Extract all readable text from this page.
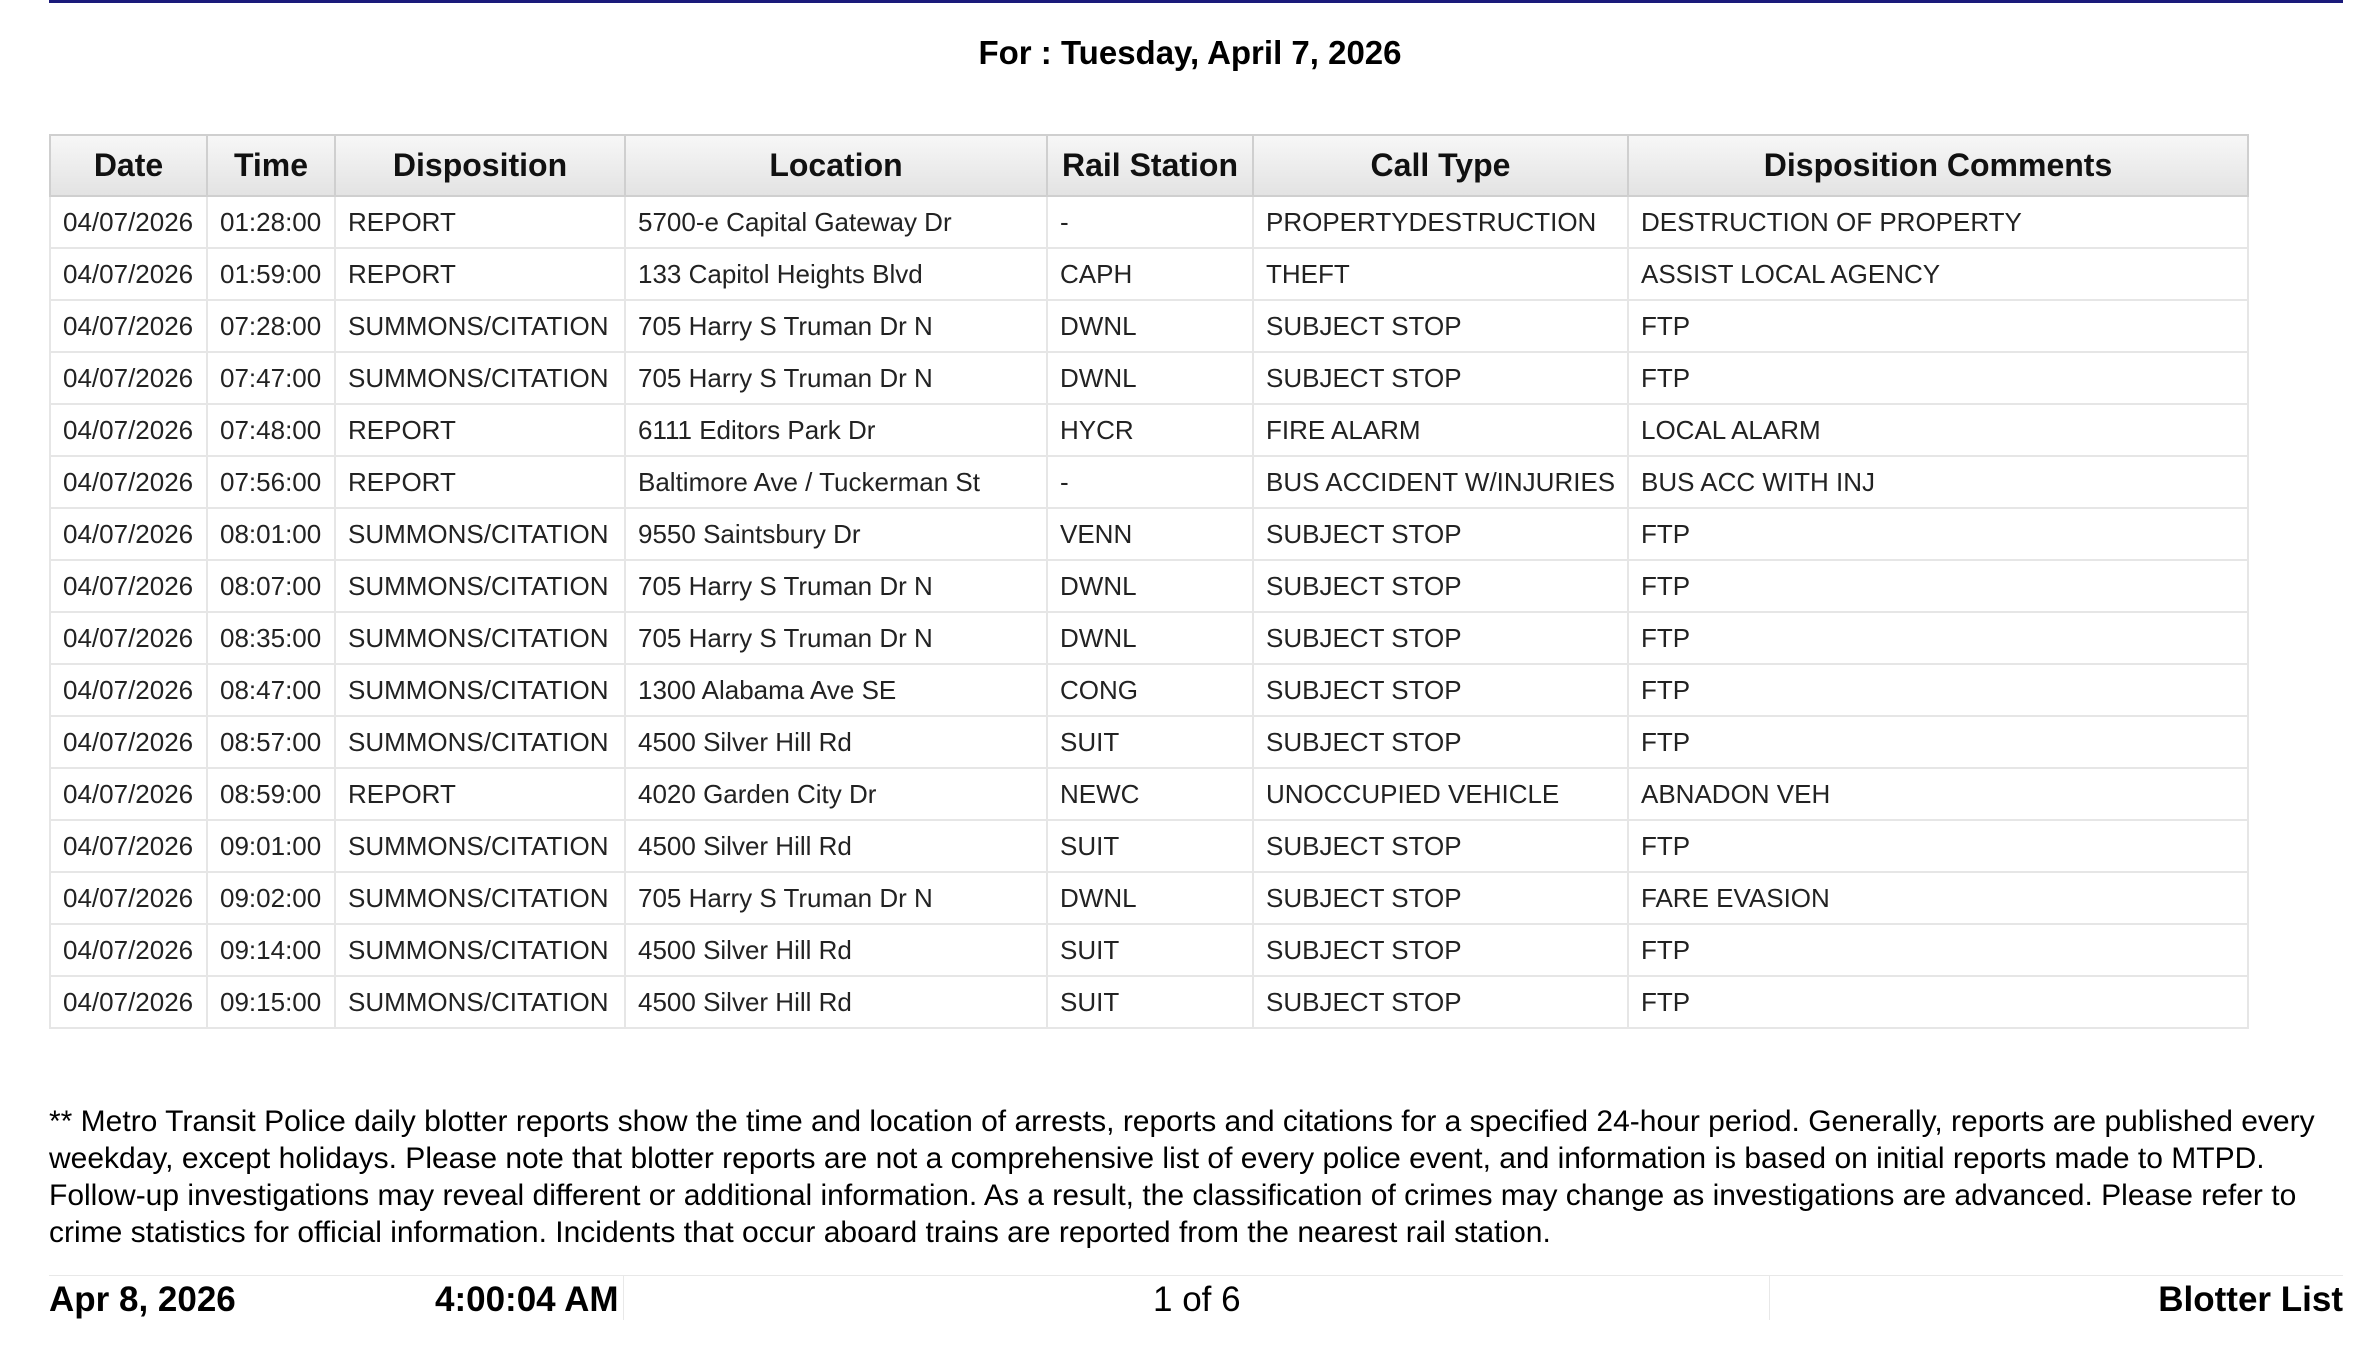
For : Tuesday, April 7, 2026
Date	Time	Disposition	Location	Rail Station	Call Type	Disposition Comments
04/07/2026	01:28:00	REPORT	5700-e Capital Gateway Dr	-	PROPERTYDESTRUCTION	DESTRUCTION OF PROPERTY
04/07/2026	01:59:00	REPORT	133 Capitol Heights Blvd	CAPH	THEFT	ASSIST LOCAL AGENCY
04/07/2026	07:28:00	SUMMONS/CITATION	705 Harry S Truman Dr N	DWNL	SUBJECT STOP	FTP
04/07/2026	07:47:00	SUMMONS/CITATION	705 Harry S Truman Dr N	DWNL	SUBJECT STOP	FTP
04/07/2026	07:48:00	REPORT	6111 Editors Park Dr	HYCR	FIRE ALARM	LOCAL ALARM
04/07/2026	07:56:00	REPORT	Baltimore Ave / Tuckerman St	-	BUS ACCIDENT W/INJURIES	BUS ACC WITH INJ
04/07/2026	08:01:00	SUMMONS/CITATION	9550 Saintsbury Dr	VENN	SUBJECT STOP	FTP
04/07/2026	08:07:00	SUMMONS/CITATION	705 Harry S Truman Dr N	DWNL	SUBJECT STOP	FTP
04/07/2026	08:35:00	SUMMONS/CITATION	705 Harry S Truman Dr N	DWNL	SUBJECT STOP	FTP
04/07/2026	08:47:00	SUMMONS/CITATION	1300 Alabama Ave SE	CONG	SUBJECT STOP	FTP
04/07/2026	08:57:00	SUMMONS/CITATION	4500 Silver Hill Rd	SUIT	SUBJECT STOP	FTP
04/07/2026	08:59:00	REPORT	4020 Garden City Dr	NEWC	UNOCCUPIED VEHICLE	ABNADON VEH
04/07/2026	09:01:00	SUMMONS/CITATION	4500 Silver Hill Rd	SUIT	SUBJECT STOP	FTP
04/07/2026	09:02:00	SUMMONS/CITATION	705 Harry S Truman Dr N	DWNL	SUBJECT STOP	FARE EVASION
04/07/2026	09:14:00	SUMMONS/CITATION	4500 Silver Hill Rd	SUIT	SUBJECT STOP	FTP
04/07/2026	09:15:00	SUMMONS/CITATION	4500 Silver Hill Rd	SUIT	SUBJECT STOP	FTP
** Metro Transit Police daily blotter reports show the time and location of arrests, reports and citations for a specified 24-hour period. Generally, reports are published every weekday, except holidays. Please note that blotter reports are not a comprehensive list of every police event, and information is based on initial reports made to MTPD. Follow-up investigations may reveal different or additional information. As a result, the classification of crimes may change as investigations are advanced. Please refer to crime statistics for official information. Incidents that occur aboard trains are reported from the nearest rail station.
Apr 8, 2026	4:00:04 AM	1 of 6	Blotter List
